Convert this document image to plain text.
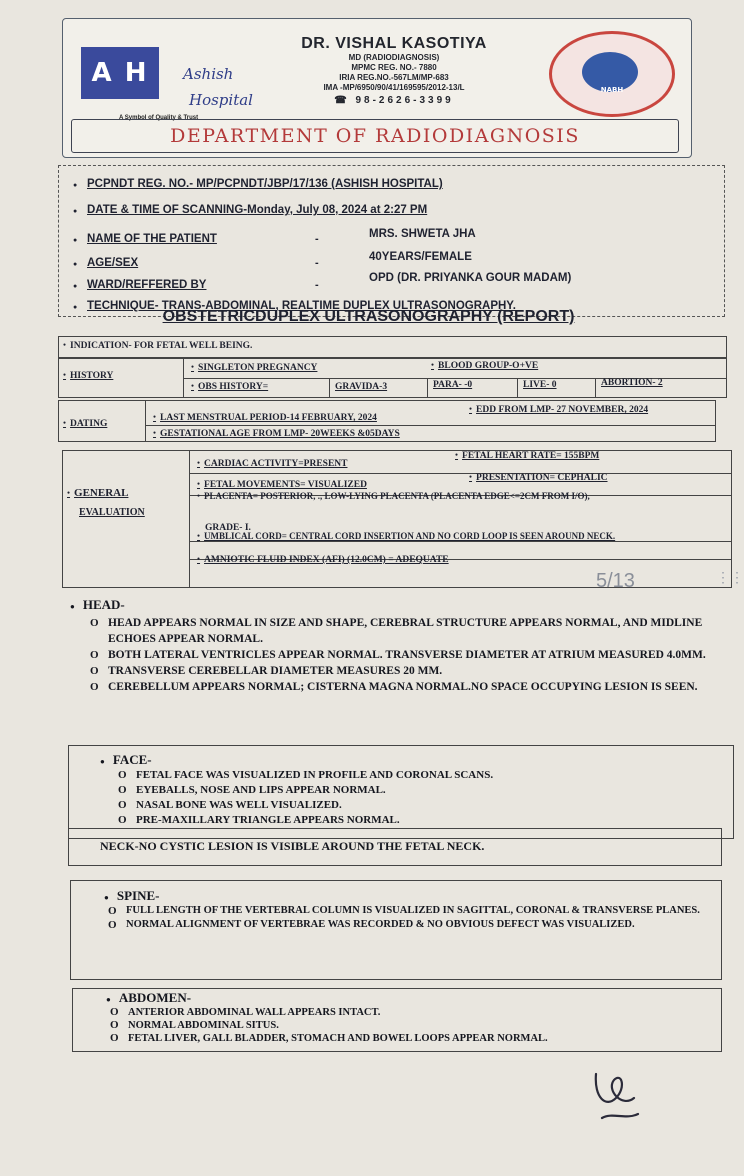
A H	Ashish
Hospital
A Symbol of Quality & Trust
DR. VISHAL KASOTIYA
MD (RADIODIAGNOSIS)
MPMC REG. NO.- 7880
IRIA REG.NO.-567LM/MP-683
IMA -MP/6950/90/41/169595/2012-13/L
☎ 98-2626-3399
NABH
DEPARTMENT OF RADIODIAGNOSIS
● PCPNDT REG. NO.- MP/PCPNDT/JBP/17/136 (ASHISH HOSPITAL)
● DATE & TIME OF SCANNING-Monday, July 08, 2024 at 2:27 PM
● NAME OF THE PATIENT
● AGE/SEX
● WARD/REFFERED BY
● TECHNIQUE- TRANS-ABDOMINAL, REALTIME DUPLEX ULTRASONOGRAPHY.
-
-
-
MRS. SHWETA JHA
40YEARS/FEMALE
OPD (DR. PRIYANKA GOUR MADAM)
OBSTETRICDUPLEX ULTRASONOGRAPHY (REPORT)
● INDICATION- FOR FETAL WELL BEING.
● HISTORY
● SINGLETON PREGNANCY
●	BLOOD GROUP-O+VE
● OBS HISTORY=	GRAVIDA-3	PARA- -0	LIVE- 0	ABORTION- 2
● DATING
● LAST MENSTRUAL PERIOD-14 FEBRUARY, 2024
● EDD FROM LMP- 27 NOVEMBER, 2024
● GESTATIONAL AGE FROM LMP- 20WEEKS &05DAYS
● GENERAL
EVALUATION
● CARDIAC ACTIVITY=PRESENT
● FETAL HEART RATE= 155BPM
● FETAL MOVEMENTS= VISUALIZED
● PRESENTATION= CEPHALIC
● PLACENTA= POSTERIOR, ., LOW-LYING PLACENTA (PLACENTA EDGE<=2CM FROM I/O),
GRADE- I.
● UMBLICAL CORD= CENTRAL CORD INSERTION AND NO CORD LOOP IS SEEN AROUND NECK.
● AMNIOTIC FLUID INDEX (AFI) (12.0CM) = ADEQUATE
5/13	⋮⋮
● HEAD-
O HEAD APPEARS NORMAL IN SIZE AND SHAPE, CEREBRAL STRUCTURE APPEARS NORMAL, AND MIDLINE ECHOES APPEAR NORMAL.
O BOTH LATERAL VENTRICLES APPEAR NORMAL. TRANSVERSE DIAMETER AT ATRIUM MEASURED 4.0MM.
O TRANSVERSE CEREBELLAR DIAMETER MEASURES 20 MM.
O CEREBELLUM APPEARS NORMAL; CISTERNA MAGNA NORMAL.NO SPACE OCCUPYING LESION IS SEEN.
● FACE-
O FETAL FACE WAS VISUALIZED IN PROFILE AND CORONAL SCANS.
O EYEBALLS, NOSE AND LIPS APPEAR NORMAL.
O NASAL BONE WAS WELL VISUALIZED.
O PRE-MAXILLARY TRIANGLE APPEARS NORMAL.
NECK-NO CYSTIC LESION IS VISIBLE AROUND THE FETAL NECK.
● SPINE-
O FULL LENGTH OF THE VERTEBRAL COLUMN IS VISUALIZED IN SAGITTAL, CORONAL & TRANSVERSE PLANES.
O NORMAL ALIGNMENT OF VERTEBRAE WAS RECORDED & NO OBVIOUS DEFECT WAS VISUALIZED.
● ABDOMEN-
O ANTERIOR ABDOMINAL WALL APPEARS INTACT.
O NORMAL ABDOMINAL SITUS.
O FETAL LIVER, GALL BLADDER, STOMACH AND BOWEL LOOPS APPEAR NORMAL.
